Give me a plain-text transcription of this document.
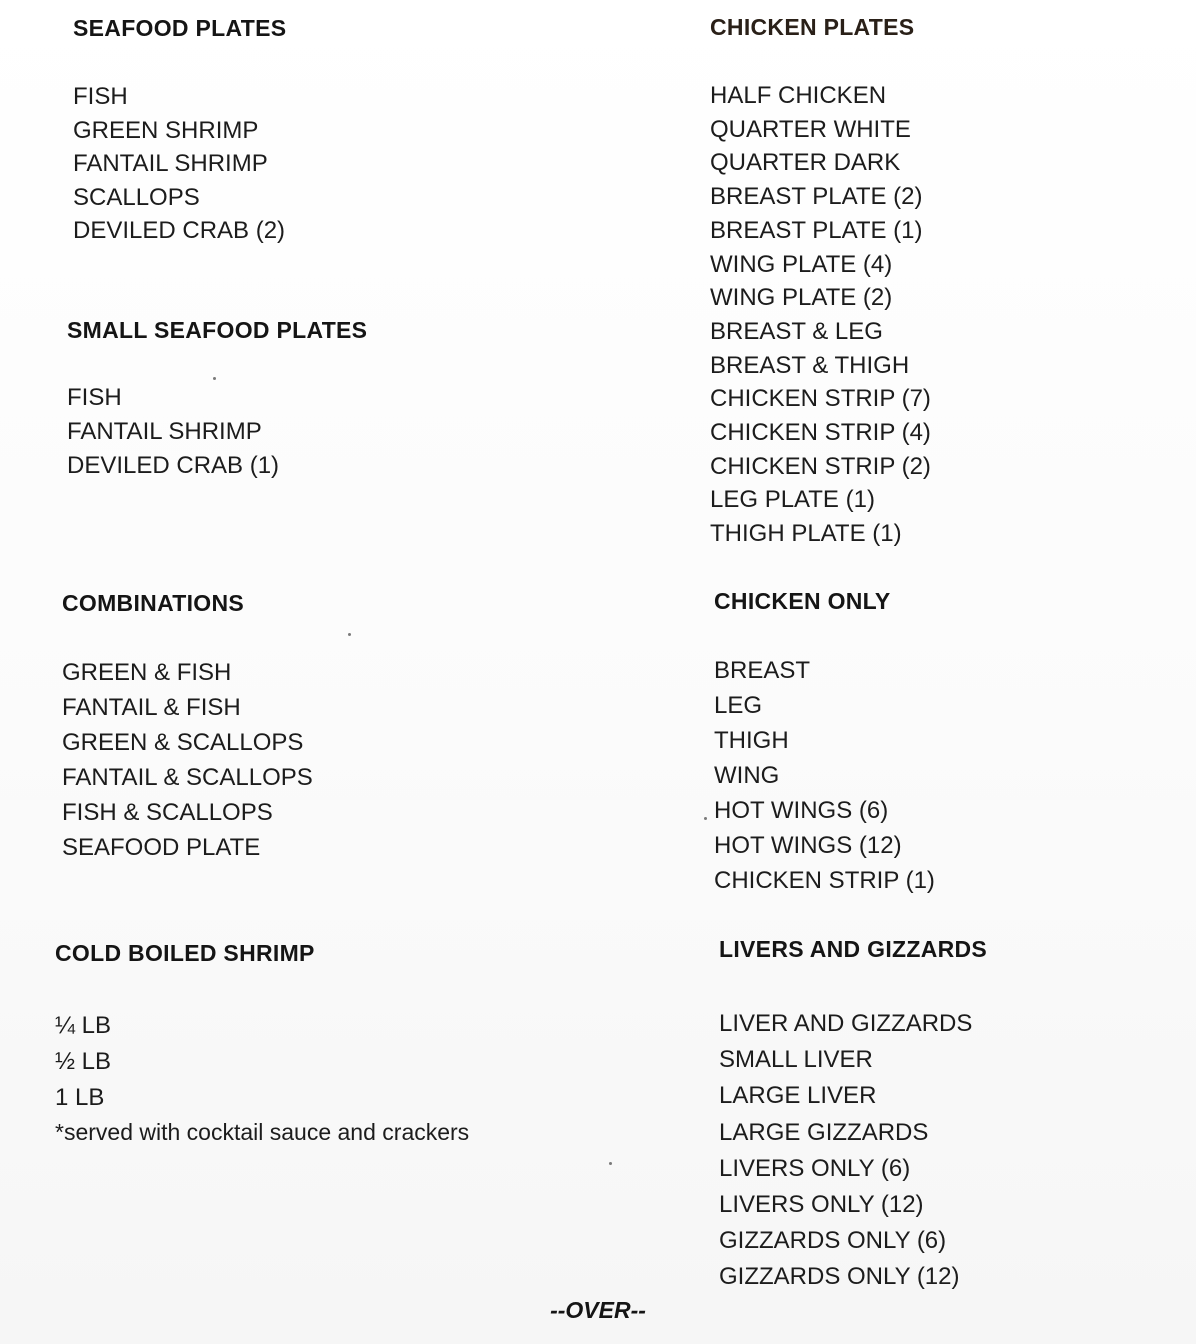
SEAFOOD PLATES
FISH
GREEN SHRIMP
FANTAIL SHRIMP
SCALLOPS
DEVILED CRAB (2)
SMALL SEAFOOD PLATES
FISH
FANTAIL SHRIMP
DEVILED CRAB (1)
COMBINATIONS
GREEN & FISH
FANTAIL & FISH
GREEN & SCALLOPS
FANTAIL & SCALLOPS
FISH & SCALLOPS
SEAFOOD PLATE
COLD BOILED SHRIMP
¼ LB
½ LB
1 LB
*served with cocktail sauce and crackers
CHICKEN PLATES
HALF CHICKEN
QUARTER WHITE
QUARTER DARK
BREAST PLATE (2)
BREAST PLATE (1)
WING PLATE (4)
WING PLATE (2)
BREAST & LEG
BREAST & THIGH
CHICKEN STRIP (7)
CHICKEN STRIP (4)
CHICKEN STRIP (2)
LEG PLATE (1)
THIGH PLATE (1)
CHICKEN ONLY
BREAST
LEG
THIGH
WING
HOT WINGS (6)
HOT WINGS (12)
CHICKEN STRIP (1)
LIVERS AND GIZZARDS
LIVER AND GIZZARDS
SMALL LIVER
LARGE LIVER
LARGE GIZZARDS
LIVERS ONLY (6)
LIVERS ONLY (12)
GIZZARDS ONLY (6)
GIZZARDS ONLY (12)
--OVER--
